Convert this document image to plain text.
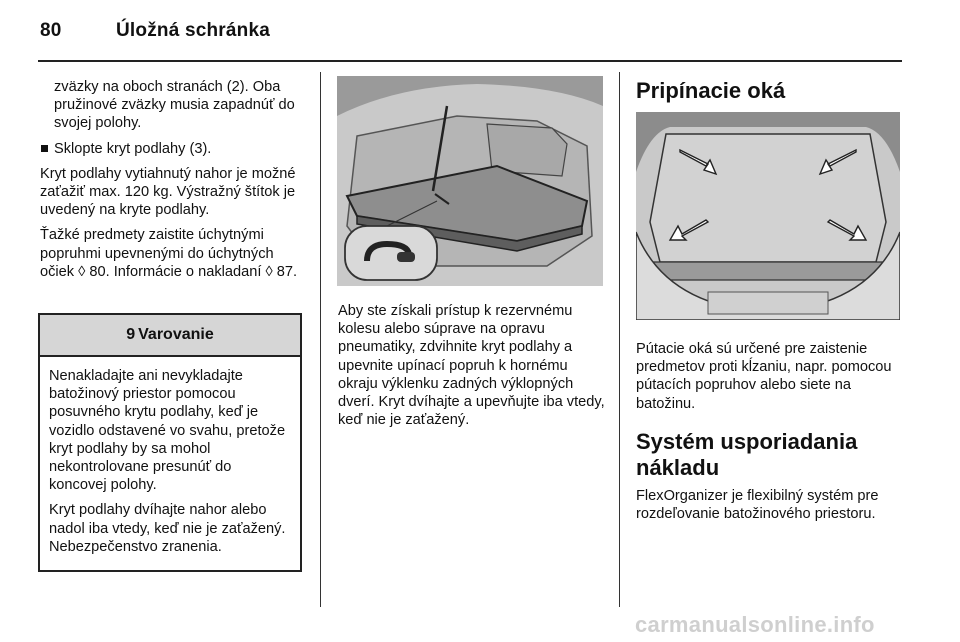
80	Úložná schránka

zväzky na oboch stranách (2). Oba pružinové zväzky musia zapadnúť do svojej polohy.

Sklopte kryt podlahy (3).

Kryt podlahy vytiahnutý nahor je možné zaťažiť max. 120 kg. Výstražný štítok je uvedený na kryte podlahy.

Ťažké predmety zaistite úchytnými popruhmi upevnenými do úchytných očiek ◊ 80. Informácie o nakladaní ◊ 87.

9 Varovanie

Nenakladajte ani nevykladajte batožinový priestor pomocou posuvného krytu podlahy, keď je vozidlo odstavené vo svahu, pretože kryt podlahy by sa mohol nekontrolovane presunúť do koncovej polohy.

Kryt podlahy dvíhajte nahor alebo nadol iba vtedy, keď nie je zaťažený. Nebezpečenstvo zranenia.

Aby ste získali prístup k rezervnému kolesu alebo súprave na opravu pneumatiky, zdvihnite kryt podlahy a upevnite upínací popruh k hornému okraju výklenku zadných výklopných dverí. Kryt dvíhajte a upevňujte iba vtedy, keď nie je zaťažený.

Pripínacie oká

Pútacie oká sú určené pre zaistenie predmetov proti kĺzaniu, napr. pomocou pútacích popruhov alebo siete na batožinu.

Systém usporiadania nákladu

FlexOrganizer je flexibilný systém pre rozdeľovanie batožinového priestoru.

carmanualsonline.info
